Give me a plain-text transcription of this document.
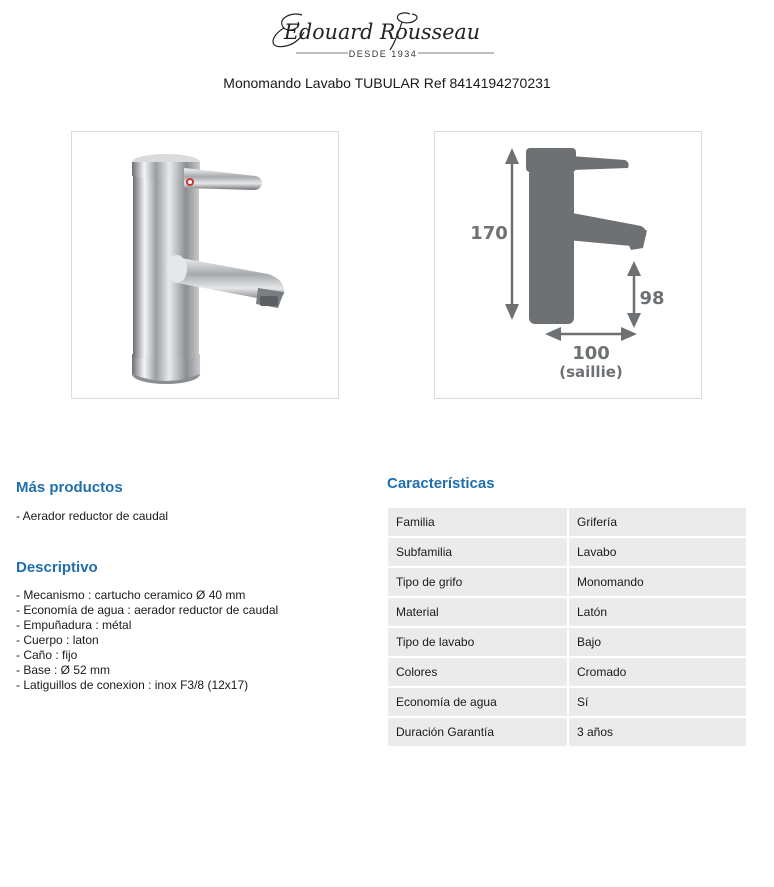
Edouard Rousseau
DESDE 1934
Monomando Lavabo TUBULAR Ref 8414194270231
170
98
100
(saillie)
Más productos
- Aerador reductor de caudal
Descriptivo
- Mecanismo : cartucho ceramico Ø 40 mm
- Economía de agua : aerador reductor de caudal
- Empuñadura : métal
- Cuerpo : laton
- Caño : fijo
- Base : Ø 52 mm
- Latiguillos de conexion : inox F3/8 (12x17)
Características
Familia	Grifería
Subfamilia	Lavabo
Tipo de grifo	Monomando
Material	Latón
Tipo de lavabo	Bajo
Colores	Cromado
Economía de agua	Sí
Duración Garantía	3 años
